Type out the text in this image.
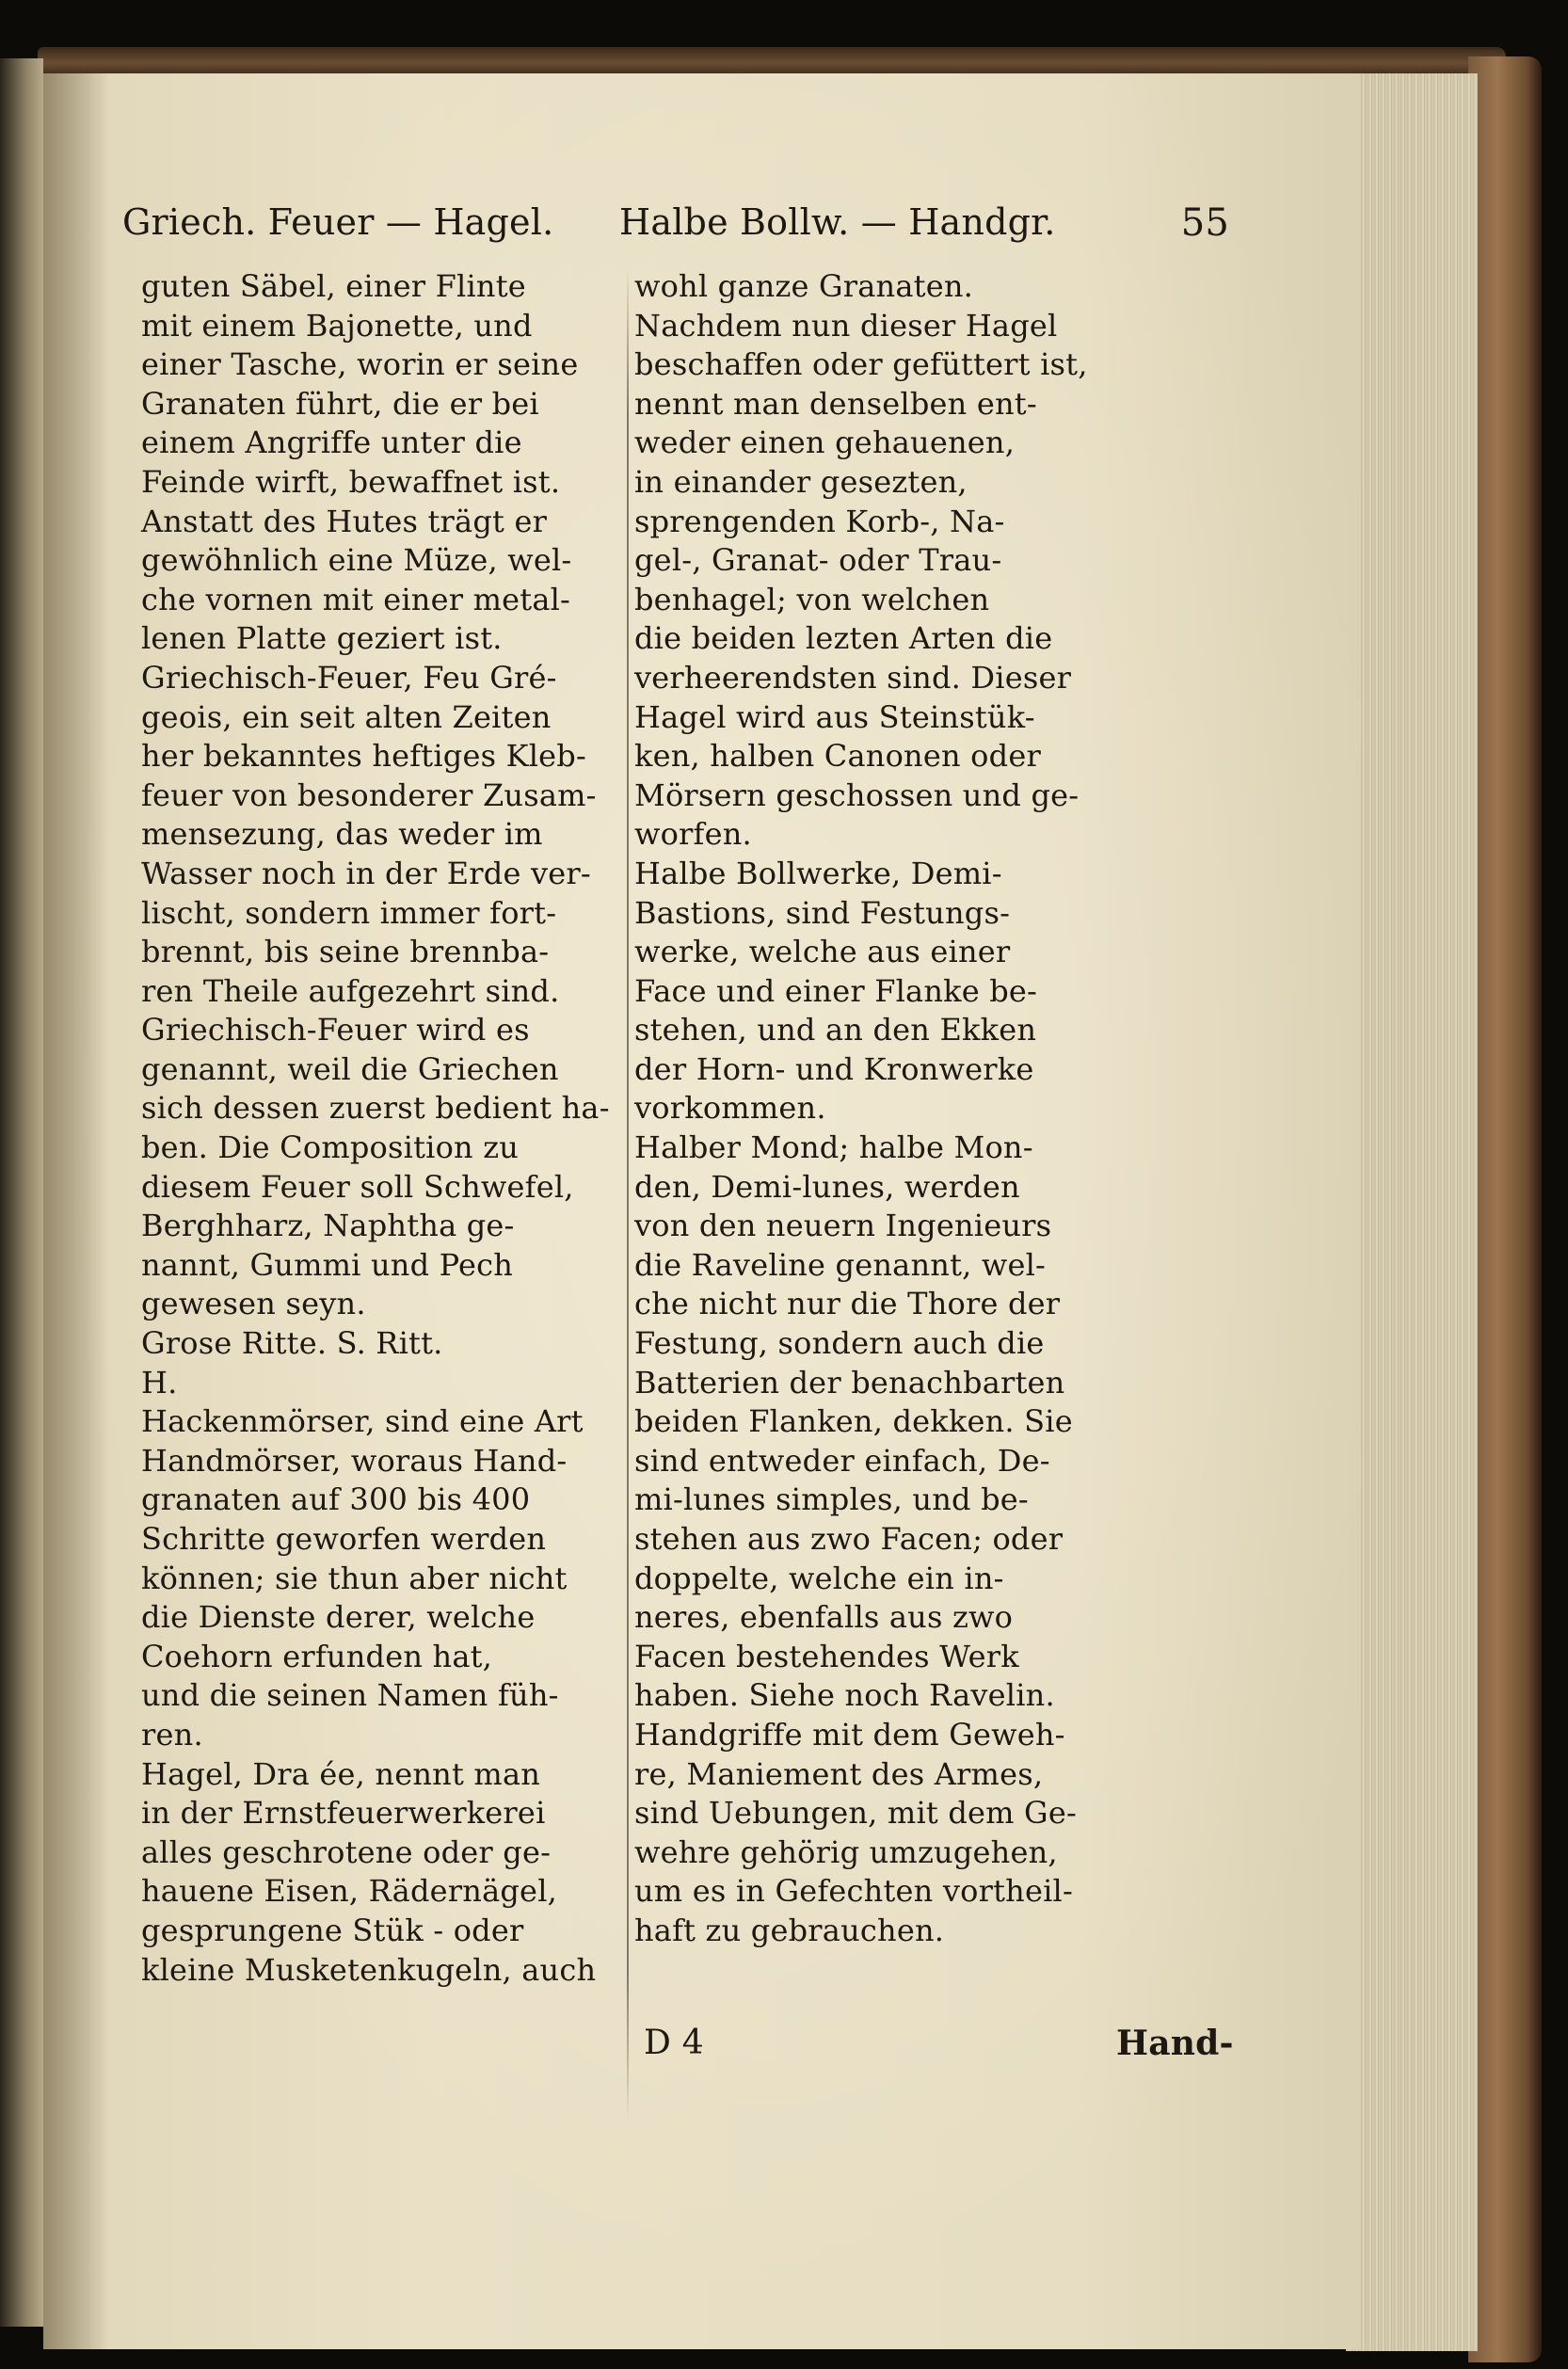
Griech. Feuer — Hagel. Halbe Bollw. — Handgr.	55
guten Säbel, einer Flinte
mit einem Bajonette, und
einer Tasche, worin er seine
Granaten führt, die er bei
einem Angriffe unter die
Feinde wirft, bewaffnet ist.
Anstatt des Hutes trägt er
gewöhnlich eine Müze, wel-
che vornen mit einer metal-
lenen Platte geziert ist.
Griechisch-Feuer, Feu Gré-
geois, ein seit alten Zeiten
her bekanntes heftiges Kleb-
feuer von besonderer Zusam-
mensezung, das weder im
Wasser noch in der Erde ver-
lischt, sondern immer fort-
brennt, bis seine brennba-
ren Theile aufgezehrt sind.
Griechisch-Feuer wird es
genannt, weil die Griechen
sich dessen zuerst bedient ha-
ben. Die Composition zu
diesem Feuer soll Schwefel,
Berghharz, Naphtha ge-
nannt, Gummi und Pech
gewesen seyn.
Grose Ritte. S. Ritt.
H.
Hackenmörser, sind eine Art
Handmörser, woraus Hand-
granaten auf 300 bis 400
Schritte geworfen werden
können; sie thun aber nicht
die Dienste derer, welche
Coehorn erfunden hat,
und die seinen Namen füh-
ren.
Hagel, Dra ée, nennt man
in der Ernstfeuerwerkerei
alles geschrotene oder ge-
hauene Eisen, Rädernägel,
gesprungene Stük - oder
kleine Musketenkugeln, auch
wohl ganze Granaten.
Nachdem nun dieser Hagel
beschaffen oder gefüttert ist,
nennt man denselben ent-
weder einen gehauenen,
in einander gesezten,
sprengenden Korb-, Na-
gel-, Granat- oder Trau-
benhagel; von welchen
die beiden lezten Arten die
verheerendsten sind. Dieser
Hagel wird aus Steinstük-
ken, halben Canonen oder
Mörsern geschossen und ge-
worfen.
Halbe Bollwerke, Demi-
Bastions, sind Festungs-
werke, welche aus einer
Face und einer Flanke be-
stehen, und an den Ekken
der Horn- und Kronwerke
vorkommen.
Halber Mond; halbe Mon-
den, Demi-lunes, werden
von den neuern Ingenieurs
die Raveline genannt, wel-
che nicht nur die Thore der
Festung, sondern auch die
Batterien der benachbarten
beiden Flanken, dekken. Sie
sind entweder einfach, De-
mi-lunes simples, und be-
stehen aus zwo Facen; oder
doppelte, welche ein in-
neres, ebenfalls aus zwo
Facen bestehendes Werk
haben. Siehe noch Ravelin.
Handgriffe mit dem Geweh-
re, Maniement des Armes,
sind Uebungen, mit dem Ge-
wehre gehörig umzugehen,
um es in Gefechten vortheil-
haft zu gebrauchen.
D 4	Hand-
